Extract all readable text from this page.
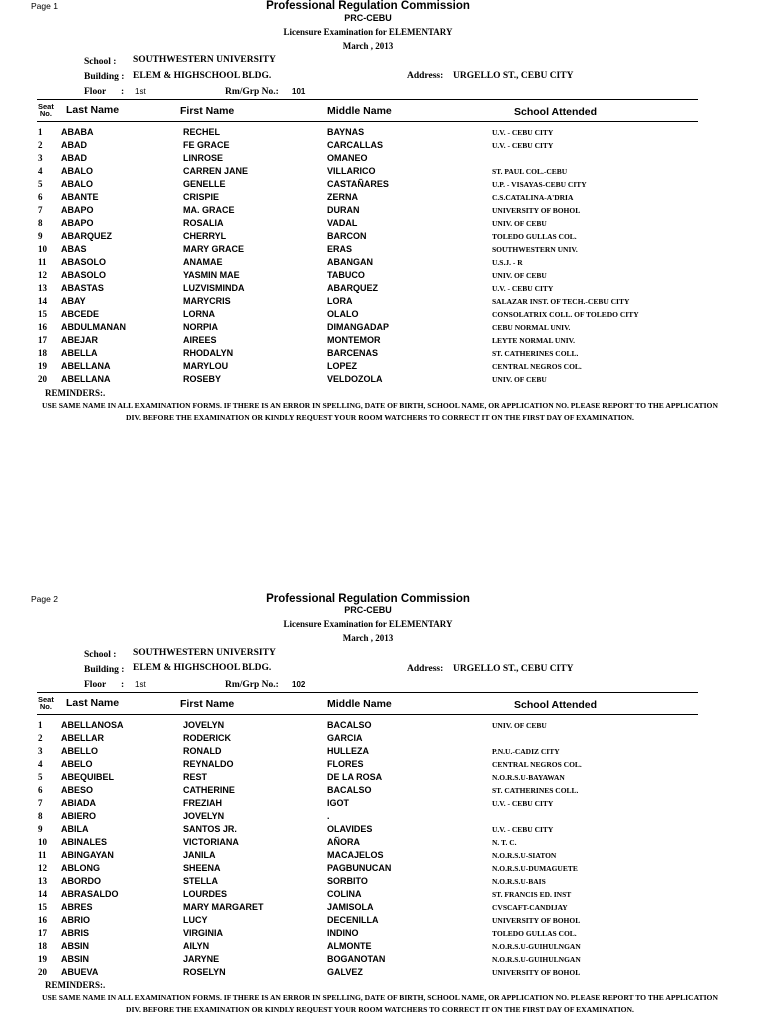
Page 1	Professional Regulation Commission
PRC-CEBU
Licensure Examination for ELEMENTARY
March , 2013
School : SOUTHWESTERN UNIVERSITY
Building : ELEM & HIGHSCHOOL BLDG.	Address: URGELLO ST., CEBU CITY
Floor : 1st	Rm/Grp No.: 101
Seat
No. Last Name	First Name	Middle Name	School Attended
1 ABABA	RECHEL	BAYNAS	U.V. - CEBU CITY
2 ABAD	FE GRACE	CARCALLAS	U.V. - CEBU CITY
3 ABAD	LINROSE	OMANEO
4 ABALO	CARREN JANE	VILLARICO	ST. PAUL COL.-CEBU
5 ABALO	GENELLE	CASTAÑARES	U.P. - VISAYAS-CEBU CITY
6 ABANTE	CRISPIE	ZERNA	C.S.CATALINA-A'DRIA
7 ABAPO	MA. GRACE	DURAN	UNIVERSITY OF BOHOL
8 ABAPO	ROSALIA	VADAL	UNIV. OF CEBU
9 ABARQUEZ	CHERRYL	BARCON	TOLEDO GULLAS COL.
10 ABAS	MARY GRACE	ERAS	SOUTHWESTERN UNIV.
11 ABASOLO	ANAMAE	ABANGAN	U.S.J. - R
12 ABASOLO	YASMIN MAE	TABUCO	UNIV. OF CEBU
13 ABASTAS	LUZVISMINDA	ABARQUEZ	U.V. - CEBU CITY
14 ABAY	MARYCRIS	LORA	SALAZAR INST. OF TECH.-CEBU CITY
15 ABCEDE	LORNA	OLALO	CONSOLATRIX COLL. OF TOLEDO CITY
16 ABDULMANAN	NORPIA	DIMANGADAP	CEBU NORMAL UNIV.
17 ABEJAR	AIREES	MONTEMOR	LEYTE NORMAL UNIV.
18 ABELLA	RHODALYN	BARCENAS	ST. CATHERINES COLL.
19 ABELLANA	MARYLOU	LOPEZ	CENTRAL NEGROS COL.
20 ABELLANA	ROSEBY	VELDOZOLA	UNIV. OF CEBU
REMINDERS:.
USE SAME NAME IN ALL EXAMINATION FORMS. IF THERE IS AN ERROR IN SPELLING, DATE OF BIRTH, SCHOOL NAME, OR APPLICATION NO. PLEASE REPORT TO THE APPLICATION DIV. BEFORE THE EXAMINATION OR KINDLY REQUEST YOUR ROOM WATCHERS TO CORRECT IT ON THE FIRST DAY OF EXAMINATION.
Page 2	Professional Regulation Commission
PRC-CEBU
Licensure Examination for ELEMENTARY
March , 2013
School : SOUTHWESTERN UNIVERSITY
Building : ELEM & HIGHSCHOOL BLDG.	Address: URGELLO ST., CEBU CITY
Floor : 1st	Rm/Grp No.: 102
Seat
No. Last Name	First Name	Middle Name	School Attended
1 ABELLANOSA	JOVELYN	BACALSO	UNIV. OF CEBU
2 ABELLAR	RODERICK	GARCIA
3 ABELLO	RONALD	HULLEZA	P.N.U.-CADIZ CITY
4 ABELO	REYNALDO	FLORES	CENTRAL NEGROS COL.
5 ABEQUIBEL	REST	DE LA ROSA	N.O.R.S.U-BAYAWAN
6 ABESO	CATHERINE	BACALSO	ST. CATHERINES COLL.
7 ABIADA	FREZIAH	IGOT	U.V. - CEBU CITY
8 ABIERO	JOVELYN	.
9 ABILA	SANTOS JR.	OLAVIDES	U.V. - CEBU CITY
10 ABINALES	VICTORIANA	AÑORA	N. T. C.
11 ABINGAYAN	JANILA	MACAJELOS	N.O.R.S.U-SIATON
12 ABLONG	SHEENA	PAGBUNUCAN	N.O.R.S.U-DUMAGUETE
13 ABORDO	STELLA	SORBITO	N.O.R.S.U-BAIS
14 ABRASALDO	LOURDES	COLINA	ST. FRANCIS ED. INST
15 ABRES	MARY MARGARET	JAMISOLA	CVSCAFT-CANDIJAY
16 ABRIO	LUCY	DECENILLA	UNIVERSITY OF BOHOL
17 ABRIS	VIRGINIA	INDINO	TOLEDO GULLAS COL.
18 ABSIN	AILYN	ALMONTE	N.O.R.S.U-GUIHULNGAN
19 ABSIN	JARYNE	BOGANOTAN	N.O.R.S.U-GUIHULNGAN
20 ABUEVA	ROSELYN	GALVEZ	UNIVERSITY OF BOHOL
REMINDERS:.
USE SAME NAME IN ALL EXAMINATION FORMS. IF THERE IS AN ERROR IN SPELLING, DATE OF BIRTH, SCHOOL NAME, OR APPLICATION NO. PLEASE REPORT TO THE APPLICATION DIV. BEFORE THE EXAMINATION OR KINDLY REQUEST YOUR ROOM WATCHERS TO CORRECT IT ON THE FIRST DAY OF EXAMINATION.
